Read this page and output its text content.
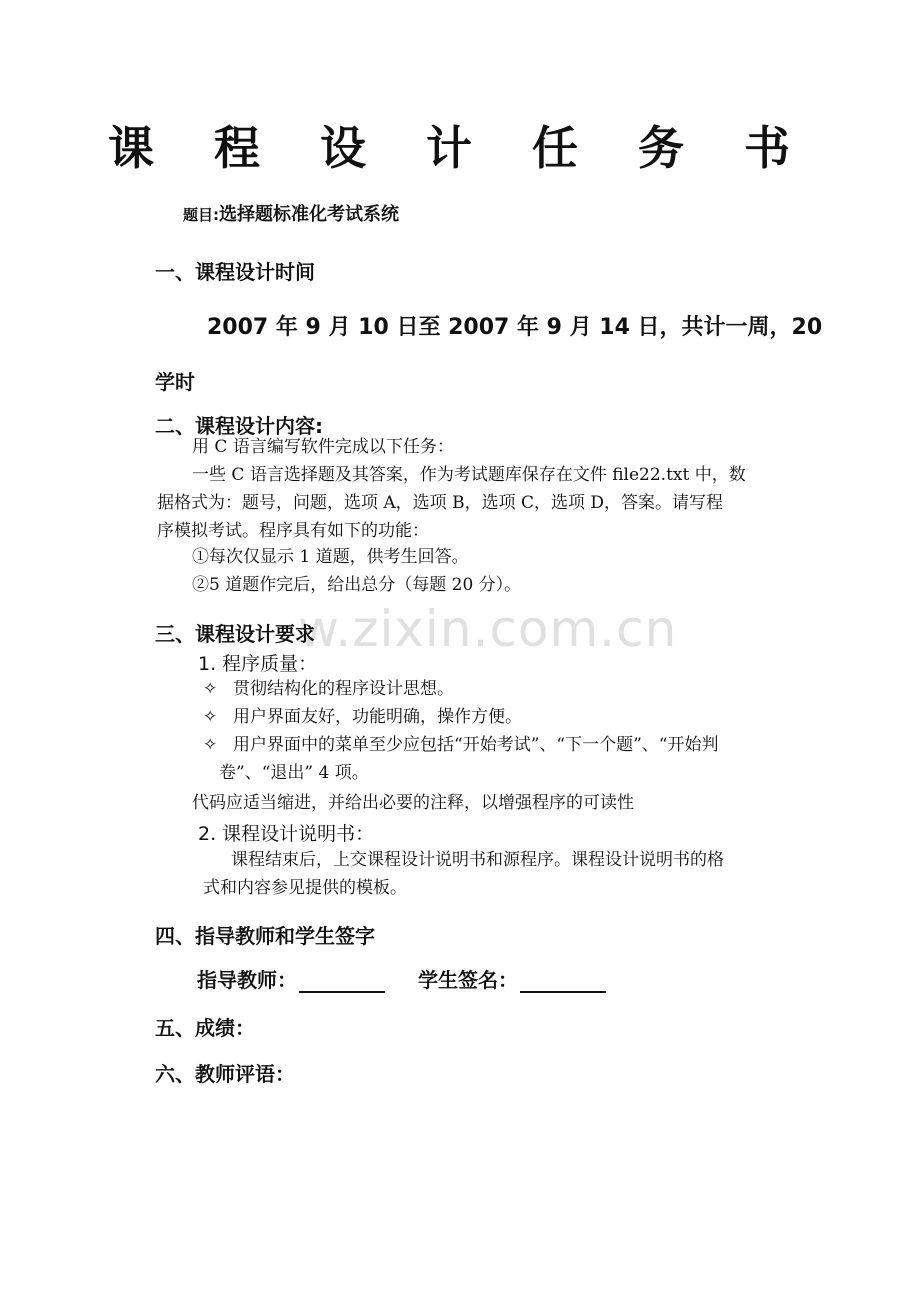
w.zixin.com.cn
课 程 设 计 任 务 书
题目:选择题标准化考试系统
一、课程设计时间
2007 年 9 月 10 日至 2007 年 9 月 14 日，共计一周，20
学时
二、课程设计内容:
用 C 语言编写软件完成以下任务：
一些 C 语言选择题及其答案，作为考试题库保存在文件 file22.txt 中，数
据格式为：题号，问题，选项 A，选项 B，选项 C，选项 D，答案。请写程
序模拟考试。程序具有如下的功能：
①每次仅显示 1 道题，供考生回答。
②5 道题作完后，给出总分（每题 20 分）。
三、课程设计要求
1. 程序质量：
✧ 贯彻结构化的程序设计思想。
✧ 用户界面友好，功能明确，操作方便。
✧ 用户界面中的菜单至少应包括“开始考试”、“下一个题”、“开始判
卷”、“退出” 4 项。
代码应适当缩进，并给出必要的注释，以增强程序的可读性
2. 课程设计说明书：
课程结束后，上交课程设计说明书和源程序。课程设计说明书的格
式和内容参见提供的模板。
四、指导教师和学生签字
指导教师：	学生签名：
五、成绩：
六、教师评语：
